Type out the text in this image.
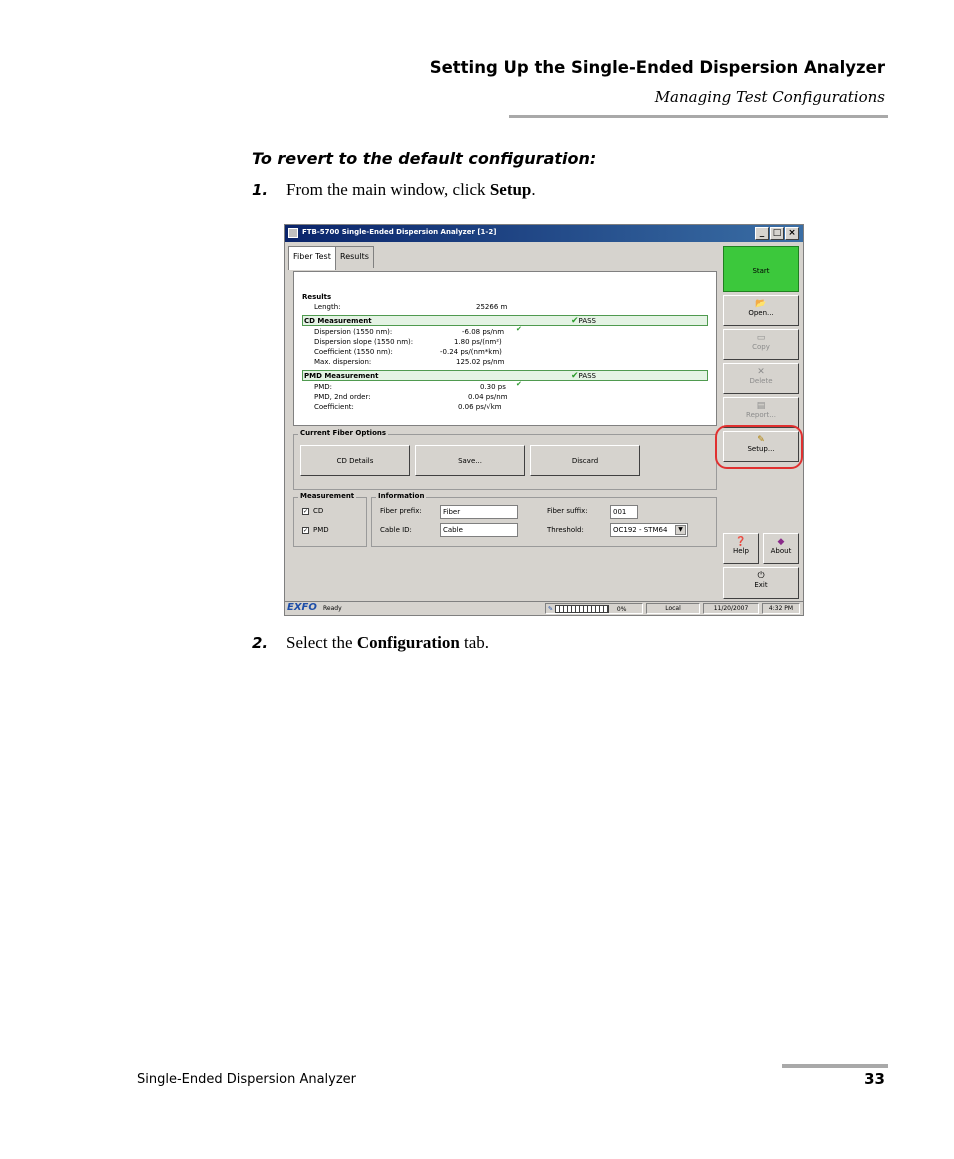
Setting Up the Single-Ended Dispersion Analyzer
Managing Test Configurations
To revert to the default configuration:
1. From the main window, click Setup.
2. Select the Configuration tab.
FTB-5700 Single-Ended Dispersion Analyzer [1-2]	_ □ ×
Fiber Test	Results
Results
Length:	25266 m
CD Measurement	✔PASS
Dispersion (1550 nm):	-6.08 ps/nm ✔
Dispersion slope (1550 nm):	1.80 ps/(nm²)
Coefficient (1550 nm):	-0.24 ps/(nm*km)
Max. dispersion:	125.02 ps/nm
PMD Measurement	✔PASS
PMD:	0.30 ps ✔
PMD, 2nd order:	0.04 ps/nm
Coefficient:	0.06 ps/√km
Current Fiber Options
CD Details	Save...	Discard
Measurement
✓ CD
✓ PMD
Information
Fiber prefix:	Fiber
Cable ID:	Cable
Fiber suffix:	001
Threshold:	OC192 - STM64	▼
Start
📂
Open...
▭
Copy
✕
Delete
▤
Report...
✎
Setup...
❓
Help
◆
About
⏻
Exit
EXFO Ready	✎	0%	Local	11/20/2007	4:32 PM
Single-Ended Dispersion Analyzer	33
